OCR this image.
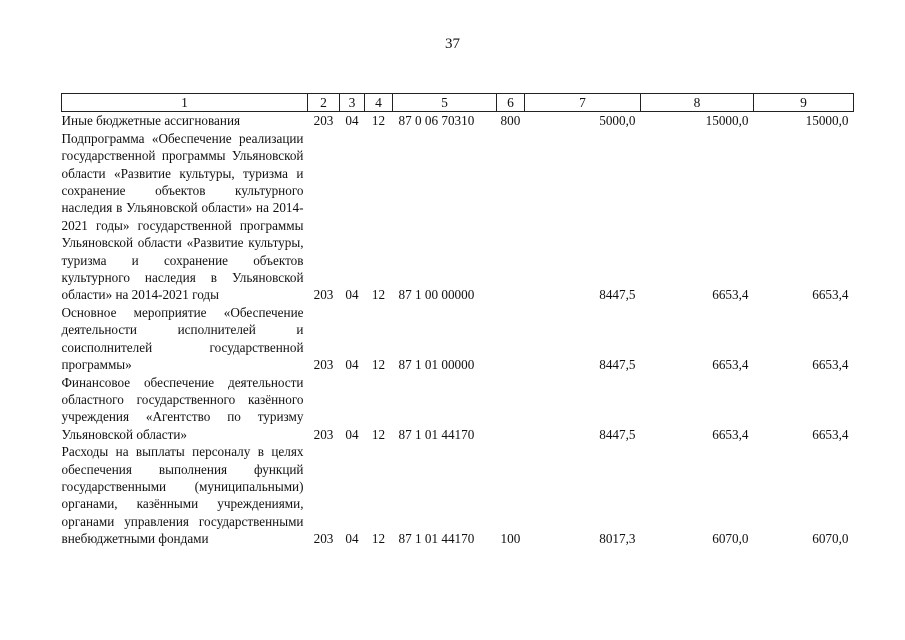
37
1	2	3	4	5	6	7	8	9
Иные бюджетные ассигнования	203	04	12	87 0 06 70310	800	5000,0	15000,0	15000,0
Подпрограмма «Обеспечение реализации государственной программы Ульяновской области «Развитие культуры, туризма и сохранение объектов культурного наследия в Ульяновской области» на 2014-2021 годы» государственной программы Ульяновской области «Развитие культуры, туризма и сохранение объектов культурного наследия в Ульяновской области» на 2014-2021 годы	203	04	12	87 1 00 00000		8447,5	6653,4	6653,4
Основное мероприятие «Обеспечение деятельности исполнителей и соисполнителей государственной программы»	203	04	12	87 1 01 00000		8447,5	6653,4	6653,4
Финансовое обеспечение деятельности областного государственного казённого учреждения «Агентство по туризму Ульяновской области»	203	04	12	87 1 01 44170		8447,5	6653,4	6653,4
Расходы на выплаты персоналу в целях обеспечения выполнения функций государственными (муниципальными) органами, казёнными учреждениями, органами управления государственными внебюджетными фондами	203	04	12	87 1 01 44170	100	8017,3	6070,0	6070,0
